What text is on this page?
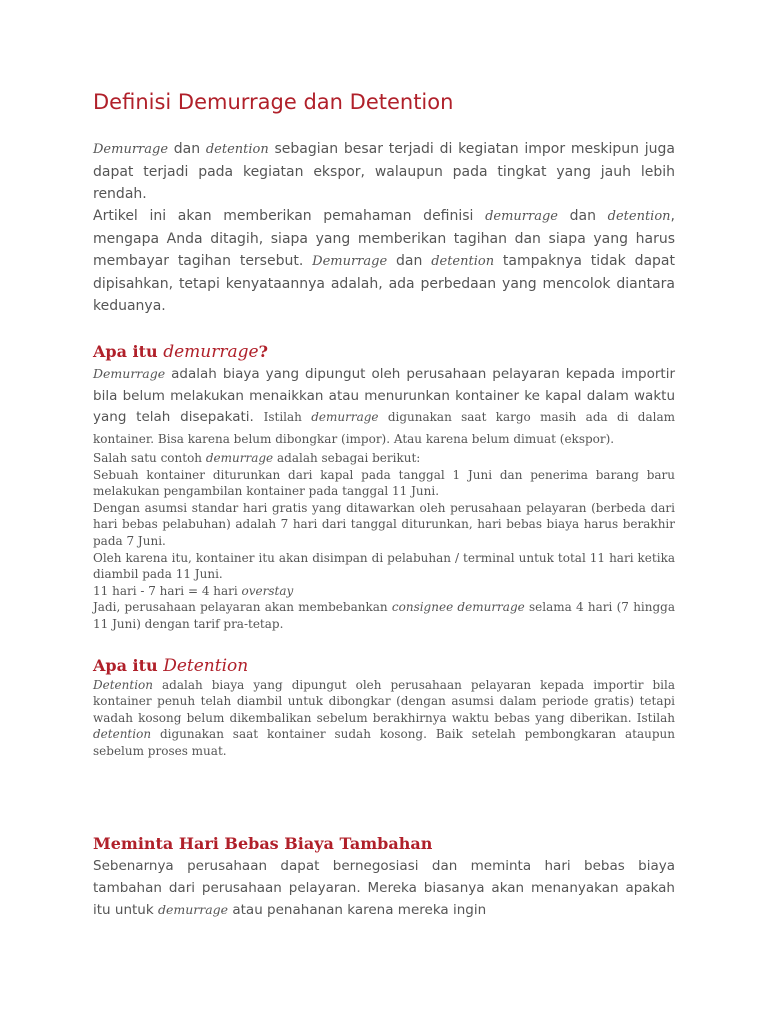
Definisi Demurrage dan Detention

Demurrage dan detention sebagian besar terjadi di kegiatan impor meskipun juga dapat terjadi pada kegiatan ekspor, walaupun pada tingkat yang jauh lebih rendah.

Artikel ini akan memberikan pemahaman definisi demurrage dan detention, mengapa Anda ditagih, siapa yang memberikan tagihan dan siapa yang harus membayar tagihan tersebut. Demurrage dan detention tampaknya tidak dapat dipisahkan, tetapi kenyataannya adalah, ada perbedaan yang mencolok diantara keduanya.

Apa itu demurrage?

Demurrage adalah biaya yang dipungut oleh perusahaan pelayaran kepada importir bila belum melakukan menaikkan atau menurunkan kontainer ke kapal dalam waktu yang telah disepakati. Istilah demurrage digunakan saat kargo masih ada di dalam kontainer. Bisa karena belum dibongkar (impor). Atau karena belum dimuat (ekspor).

Salah satu contoh demurrage adalah sebagai berikut:

Sebuah kontainer diturunkan dari kapal pada tanggal 1 Juni dan penerima barang baru melakukan pengambilan kontainer pada tanggal 11 Juni.

Dengan asumsi standar hari gratis yang ditawarkan oleh perusahaan pelayaran (berbeda dari hari bebas pelabuhan) adalah 7 hari dari tanggal diturunkan, hari bebas biaya harus berakhir pada 7 Juni.

Oleh karena itu, kontainer itu akan disimpan di pelabuhan / terminal untuk total 11 hari ketika diambil pada 11 Juni.

11 hari - 7 hari = 4 hari overstay

Jadi, perusahaan pelayaran akan membebankan consignee demurrage selama 4 hari (7 hingga 11 Juni) dengan tarif pra-tetap.

Apa itu Detention

Detention adalah biaya yang dipungut oleh perusahaan pelayaran kepada importir bila kontainer penuh telah diambil untuk dibongkar (dengan asumsi dalam periode gratis) tetapi wadah kosong belum dikembalikan sebelum berakhirnya waktu bebas yang diberikan. Istilah detention digunakan saat kontainer sudah kosong. Baik setelah pembongkaran ataupun sebelum proses muat.

Meminta Hari Bebas Biaya Tambahan

Sebenarnya perusahaan dapat bernegosiasi dan meminta hari bebas biaya tambahan dari perusahaan pelayaran. Mereka biasanya akan menanyakan apakah itu untuk demurrage atau penahanan karena mereka ingin
